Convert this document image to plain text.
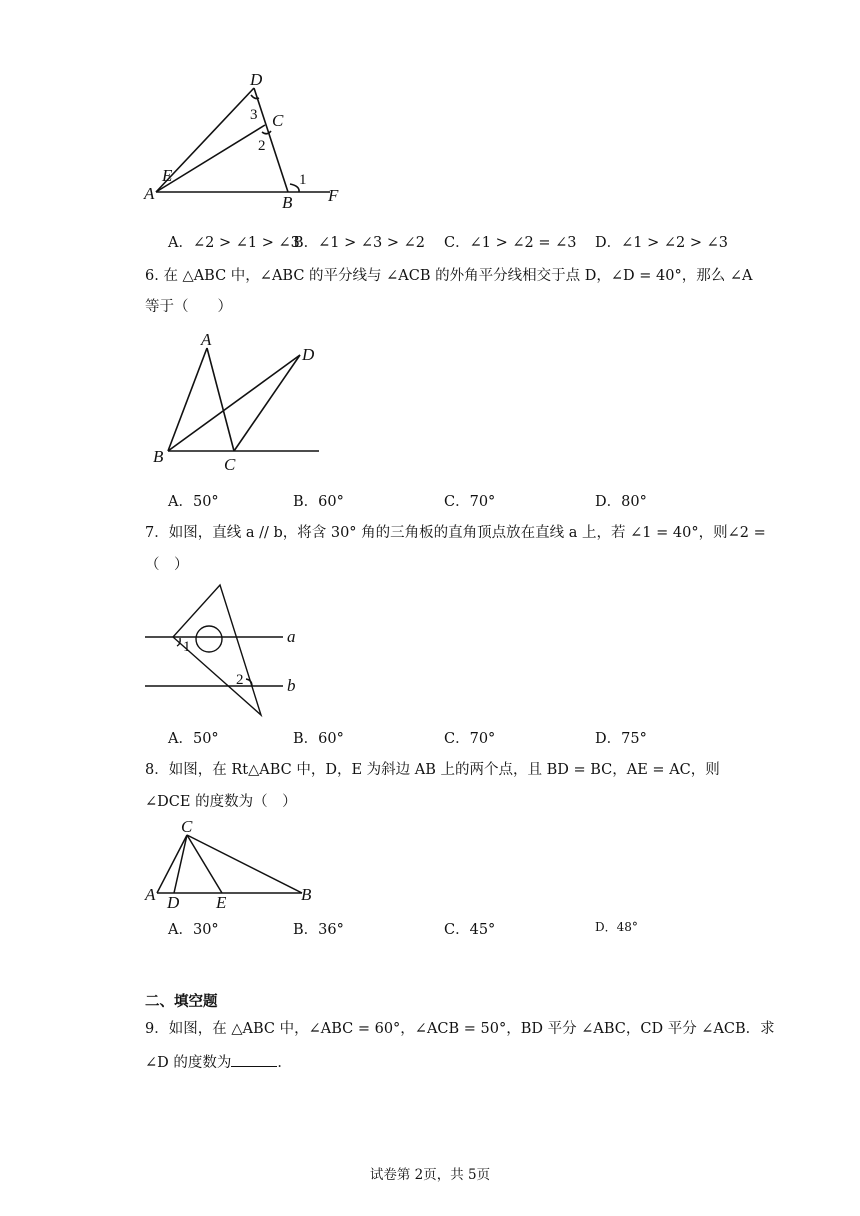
D
3 C
2
E	1
A	B F
A．∠2 > ∠1 > ∠3
B．∠1 > ∠3 > ∠2 C．∠1 > ∠2 = ∠3 D．∠1 > ∠2 > ∠3
6. 在 △ABC 中，∠ABC 的平分线与 ∠ACB 的外角平分线相交于点 D，∠D = 40°，那么 ∠A
等于（　　）
A
D
B	C
A．50°	B．60°	C．70°	D．80°
7．如图，直线 a // b，将含 30° 角的三角板的直角顶点放在直线 a 上，若 ∠1 = 40°，则∠2 =
（　）
a
b
1
2
A．50°	B．60°	C．70°	D．75°
8．如图，在 Rt△ABC 中，D，E 为斜边 AB 上的两个点，且 BD = BC，AE = AC，则
∠DCE 的度数为（　）
C
A D E	B
A．30°	B．36°	C．45°	D．48°
二、填空题
9．如图，在 △ABC 中，∠ABC = 60°，∠ACB = 50°，BD 平分 ∠ABC，CD 平分 ∠ACB．求
∠D 的度数为	．
试卷第 2页，共 5页
